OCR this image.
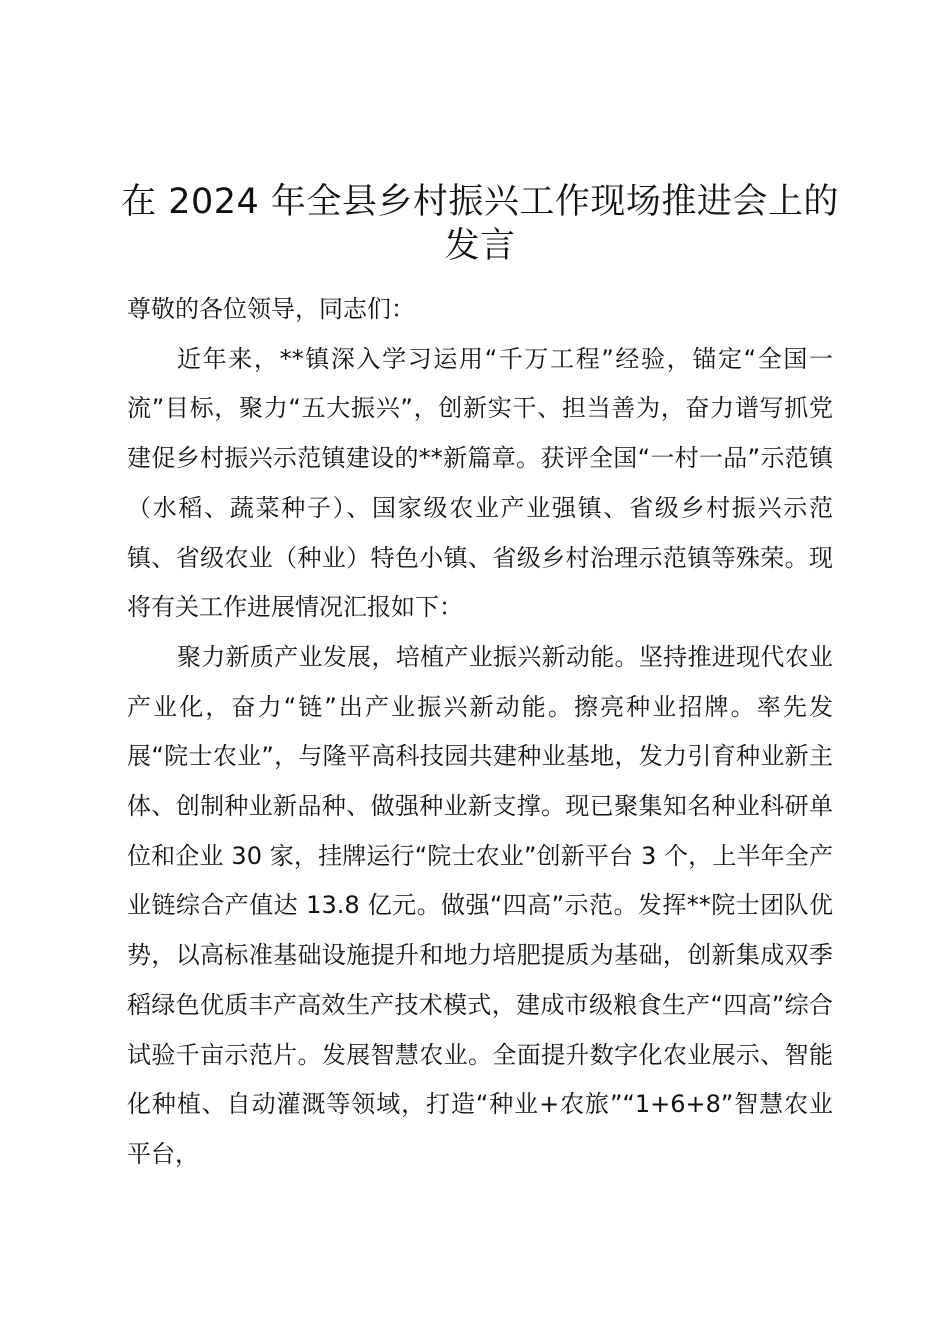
在 2024 年全县乡村振兴工作现场推进会上的
发言

尊敬的各位领导，同志们：

近年来，**镇深入学习运用“千万工程”经验，锚定“全国一流”目标，聚力“五大振兴”，创新实干、担当善为，奋力谱写抓党建促乡村振兴示范镇建设的**新篇章。获评全国“一村一品”示范镇（水稻、蔬菜种子）、国家级农业产业强镇、省级乡村振兴示范镇、省级农业（种业）特色小镇、省级乡村治理示范镇等殊荣。现将有关工作进展情况汇报如下：

聚力新质产业发展，培植产业振兴新动能。坚持推进现代农业产业化，奋力“链”出产业振兴新动能。擦亮种业招牌。率先发展“院士农业”，与隆平高科技园共建种业基地，发力引育种业新主体、创制种业新品种、做强种业新支撑。现已聚集知名种业科研单位和企业 30 家，挂牌运行“院士农业”创新平台 3 个，上半年全产业链综合产值达 13.8 亿元。做强“四高”示范。发挥**院士团队优势，以高标准基础设施提升和地力培肥提质为基础，创新集成双季稻绿色优质丰产高效生产技术模式，建成市级粮食生产“四高”综合试验千亩示范片。发展智慧农业。全面提升数字化农业展示、智能化种植、自动灌溉等领域，打造“种业+农旅”“1+6+8”智慧农业平台，
